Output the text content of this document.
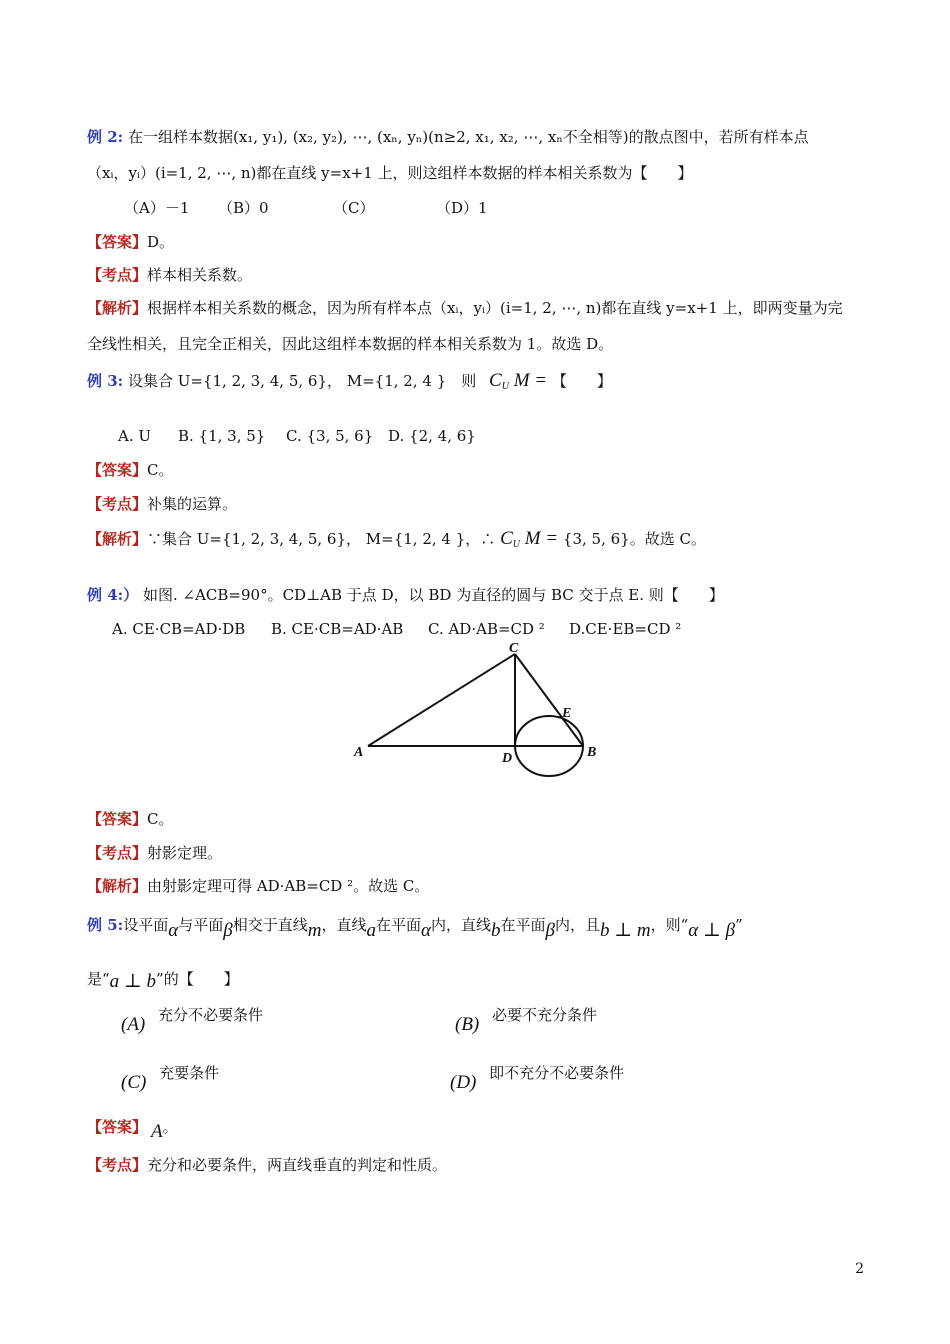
例 2: 在一组样本数据(x₁, y₁), (x₂, y₂), ⋯, (xₙ, yₙ)(n≥2, x₁, x₂, ⋯, xₙ不全相等)的散点图中，若所有样本点
（xᵢ，yᵢ）(i=1, 2, ⋯, n)都在直线 y=x+1 上，则这组样本数据的样本相关系数为【　　】
（A）－1 （B）0	（C）	（D）1
【答案】D。
【考点】样本相关系数。
【解析】根据样本相关系数的概念，因为所有样本点（xᵢ，yᵢ）(i=1, 2, ⋯, n)都在直线 y=x+1 上，即两变量为完
全线性相关，且完全正相关，因此这组样本数据的样本相关系数为 1。故选 D。
例 3: 设集合 U={1, 2, 3, 4, 5, 6}， M={1, 2, 4 }　则 $C_U$ M = 【　　】
A. U B. {1, 3, 5} C. {3, 5, 6} D. {2, 4, 6}
【答案】C。
【考点】补集的运算。
【解析】∵集合 U={1, 2, 3, 4, 5, 6}， M={1, 2, 4 }，∴ $C_U$ M = {3, 5, 6}。故选 C。
例 4:） 如图. ∠ACB=90°。CD⊥AB 于点 D，以 BD 为直径的圆与 BC 交于点 E. 则【　　】
A. CE·CB=AD·DB B. CE·CB=AD·AB C. AD·AB=CD ² D.CE·EB=CD ²
A	B
C
D
E
【答案】C。
【考点】射影定理。
【解析】由射影定理可得 AD·AB=CD ²。故选 C。
例 5:设平面α与平面β相交于直线m，直线a在平面α内，直线b在平面β内，且b ⊥ m，则“α ⊥ β”
是“a ⊥ b”的【　　】
(A) 充分不必要条件	(B) 必要不充分条件
(C) 充要条件	(D) 即不充分不必要条件
【答案】 A。
【考点】充分和必要条件，两直线垂直的判定和性质。
2
